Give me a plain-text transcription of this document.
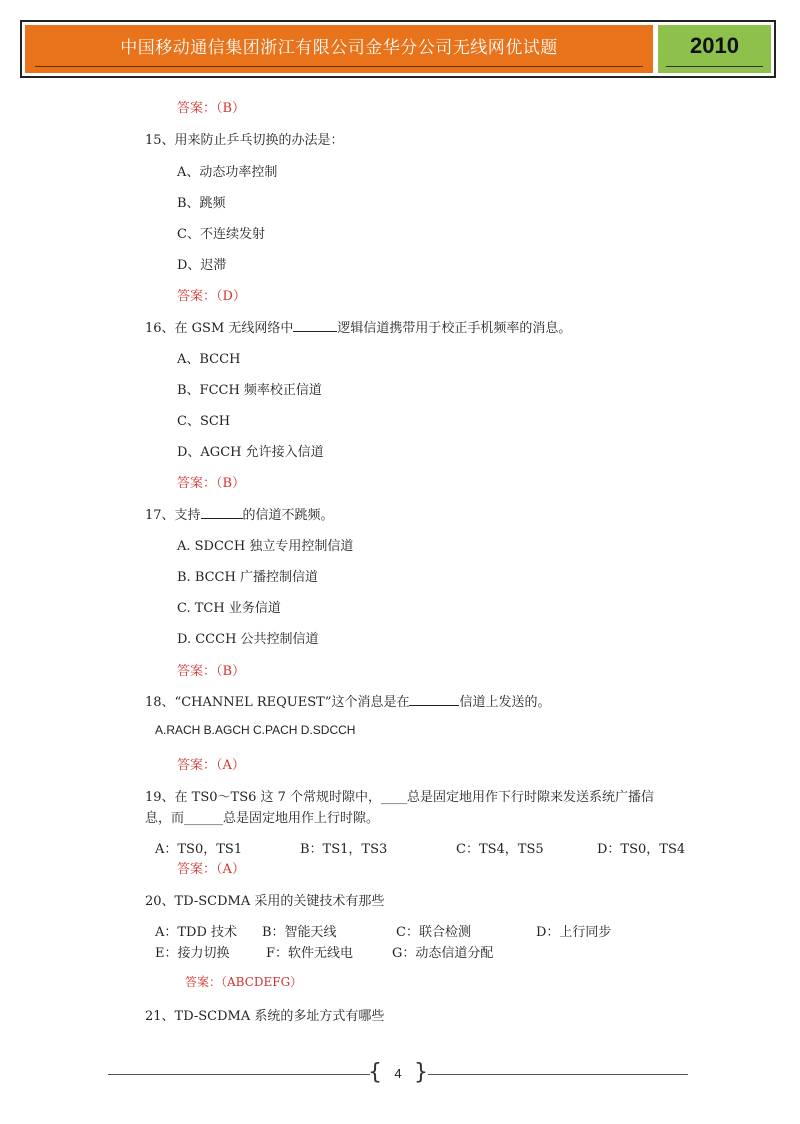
中国移动通信集团浙江有限公司金华分公司无线网优试题	2010
答案：（B）
15、用来防止乒乓切换的办法是：
A、动态功率控制
B、跳频
C、不连续发射
D、迟滞
答案：（D）
16、在 GSM 无线网络中	逻辑信道携带用于校正手机频率的消息。
A、BCCH
B、FCCH 频率校正信道
C、SCH
D、AGCH 允许接入信道
答案：（B）
17、支持	的信道不跳频。
A. SDCCH 独立专用控制信道
B. BCCH 广播控制信道
C. TCH 业务信道
D. CCCH 公共控制信道
答案：（B）
18、“CHANNEL REQUEST”这个消息是在	信道上发送的。
A.RACH B.AGCH C.PACH D.SDCCH
答案：（A）
19、在 TS0～TS6 这 7 个常规时隙中，____总是固定地用作下行时隙来发送系统广播信
息，而______总是固定地用作上行时隙。
A：TS0，TS1	B：TS1，TS3	C：TS4，TS5	D：TS0，TS4
答案：（A）
20、TD-SCDMA 采用的关键技术有那些
A：TDD 技术 B：智能天线	C：联合检测	D：上行同步
E：接力切换	F：软件无线电	G：动态信道分配
答案：（ABCDEFG）
21、TD-SCDMA 系统的多址方式有哪些
{ 4 }
